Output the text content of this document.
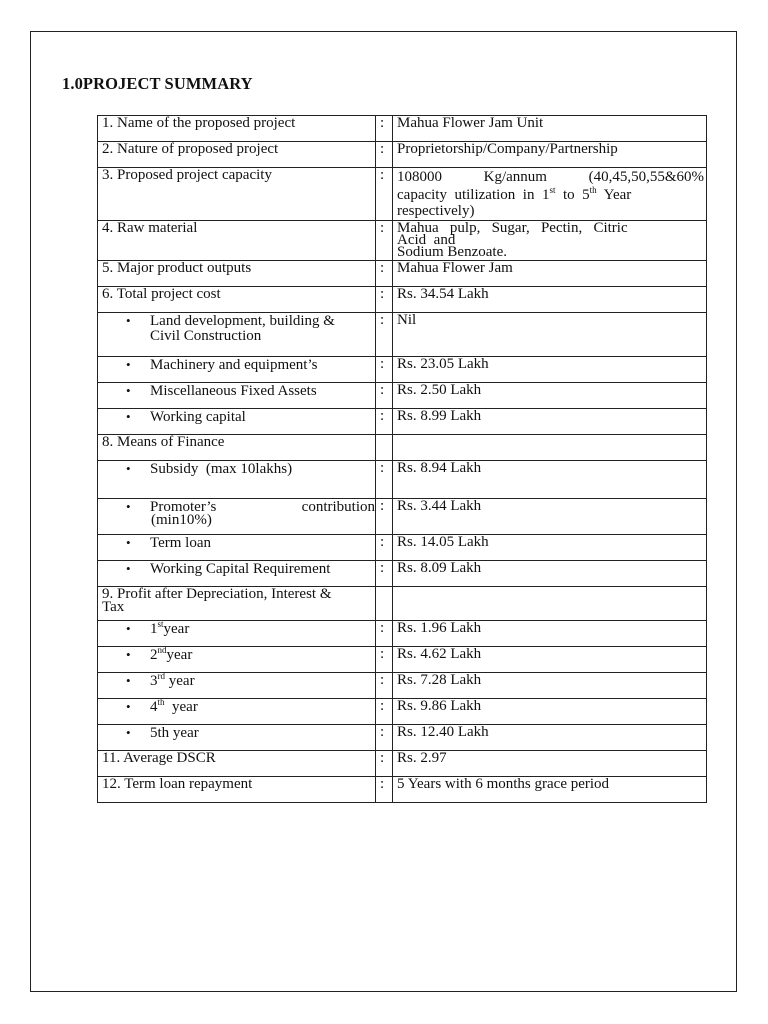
1.0PROJECT SUMMARY
1. Name of the proposed project	:	Mahua Flower Jam Unit
2. Nature of proposed project	:	Proprietorship/Company/Partnership
3. Proposed project capacity	:	108000   Kg/annum   (40,45,50,55&60%
capacity  utilization  in  1st  to  5th  Year
respectively)

4. Raw material	:	Mahua   pulp,   Sugar,   Pectin,   Citric
Acid  and
Sodium Benzoate.

5. Major product outputs	:	Mahua Flower Jam
6. Total project cost	:	Rs. 34.54 Lakh

• Land development, building &
Civil Construction	:	Nil

• Machinery and equipment’s	:	Rs. 23.05 Lakh

• Miscellaneous Fixed Assets	:	Rs. 2.50 Lakh

• Working capital	:	Rs. 8.99 Lakh
8. Means of Finance		

• Subsidy  (max 10lakhs)	:	Rs. 8.94 Lakh

• Promoter’s contribution
(min10%)	:	Rs. 3.44 Lakh

• Term loan	:	Rs. 14.05 Lakh

• Working Capital Requirement	:	Rs. 8.09 Lakh

9. Profit after Depreciation, Interest &
Tax		

• 1styear	:	Rs. 1.96 Lakh

• 2ndyear	:	Rs. 4.62 Lakh

• 3rd year	:	Rs. 7.28 Lakh

• 4th  year	:	Rs. 9.86 Lakh

• 5th year	:	Rs. 12.40 Lakh
11. Average DSCR	:	Rs. 2.97
12. Term loan repayment	:	5 Years with 6 months grace period
